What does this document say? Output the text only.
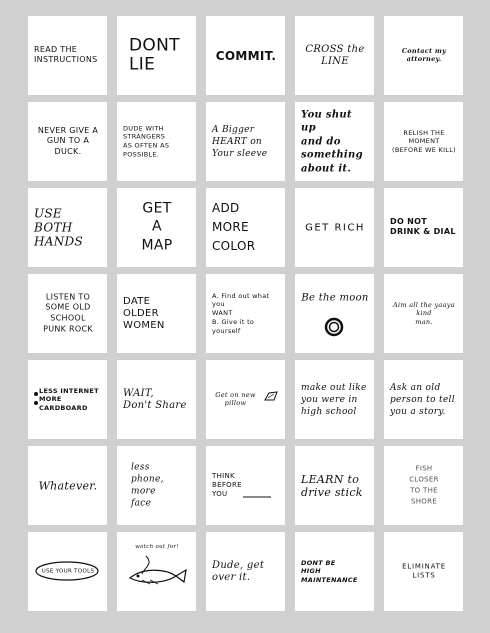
READ THE
INSTRUCTIONS
DONT
LIE	COMMIT.	CROSS the
LINE
Contact my attorney.
NEVER GIVE A
GUN TO A DUCK.
DUDE WITH
STRANGERS
AS OFTEN AS
POSSIBLE.
A Bigger
HEART on
Your sleeve
You shut up
and do
something
about it.
RELISH THE MOMENT
(BEFORE WE KILL)
USE
BOTH
HANDS
GET
A
MAP
ADD
MORE
COLOR
GET RICH
DO NOT
DRINK & DIAL
LISTEN TO
SOME OLD
SCHOOL
PUNK ROCK
DATE
OLDER
WOMEN
A. Find out what you
WANT
B. Give it to yourself
Be the moon
Aim all the yaaya kind
man.
LESS INTERNET
MORE CARDBOARD
WAIT,
Don't Share
Get on new pillow
make out like
you were in
high school
Ask an old
person to tell
you a story.
Whatever.
less
phone,
more
face
THINK
BEFORE
YOU
LEARN to
drive stick
FISH
CLOSER
TO THE
SHORE
USE YOUR TOOLS
watch out for!
Dude, get
over it.
DONT BE
HIGH MAINTENANCE
ELIMINATE LISTS
